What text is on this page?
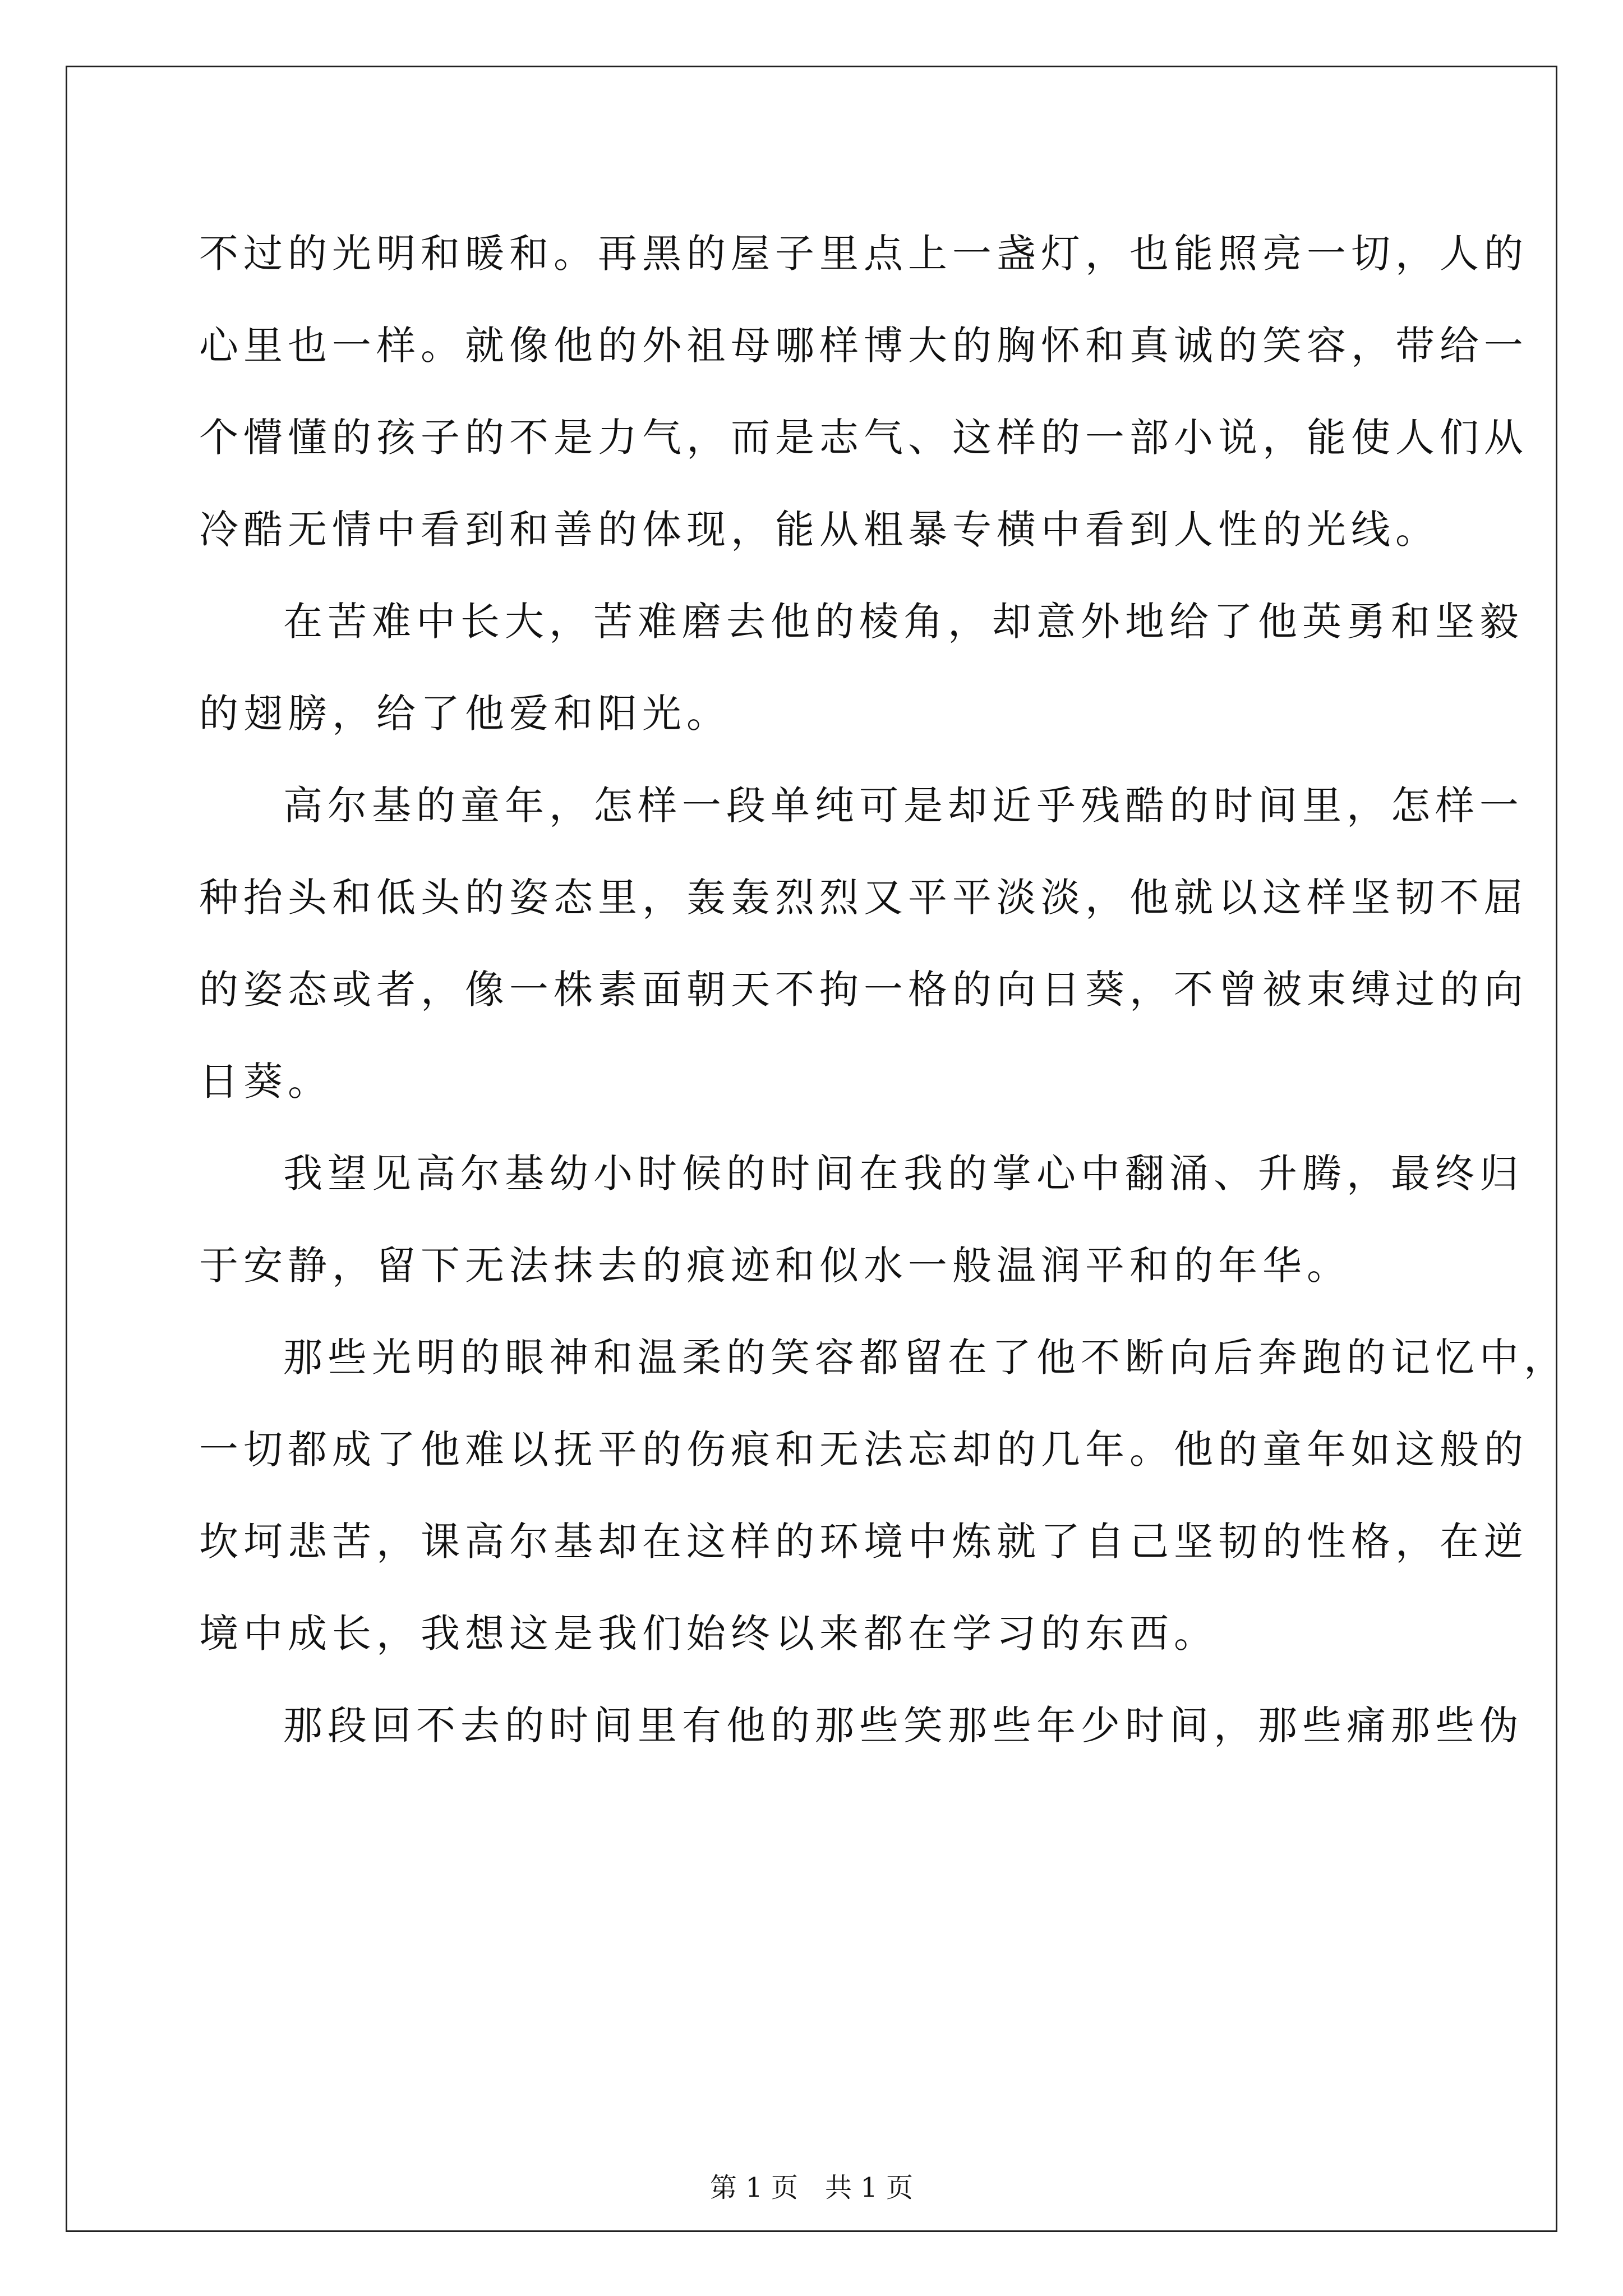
不过的光明和暖和。再黑的屋子里点上一盏灯，也能照亮一切，人的
心里也一样。就像他的外祖母哪样博大的胸怀和真诚的笑容，带给一
个懵懂的孩子的不是力气，而是志气、这样的一部小说，能使人们从
冷酷无情中看到和善的体现，能从粗暴专横中看到人性的光线。
在苦难中长大，苦难磨去他的棱角，却意外地给了他英勇和坚毅
的翅膀，给了他爱和阳光。
高尔基的童年，怎样一段单纯可是却近乎残酷的时间里，怎样一
种抬头和低头的姿态里，轰轰烈烈又平平淡淡，他就以这样坚韧不屈
的姿态或者，像一株素面朝天不拘一格的向日葵，不曾被束缚过的向
日葵。
我望见高尔基幼小时候的时间在我的掌心中翻涌、升腾，最终归
于安静，留下无法抹去的痕迹和似水一般温润平和的年华。
那些光明的眼神和温柔的笑容都留在了他不断向后奔跑的记忆中，
一切都成了他难以抚平的伤痕和无法忘却的几年。他的童年如这般的
坎坷悲苦，课高尔基却在这样的环境中炼就了自己坚韧的性格，在逆
境中成长，我想这是我们始终以来都在学习的东西。
那段回不去的时间里有他的那些笑那些年少时间，那些痛那些伪
第 1 页　共 1 页
